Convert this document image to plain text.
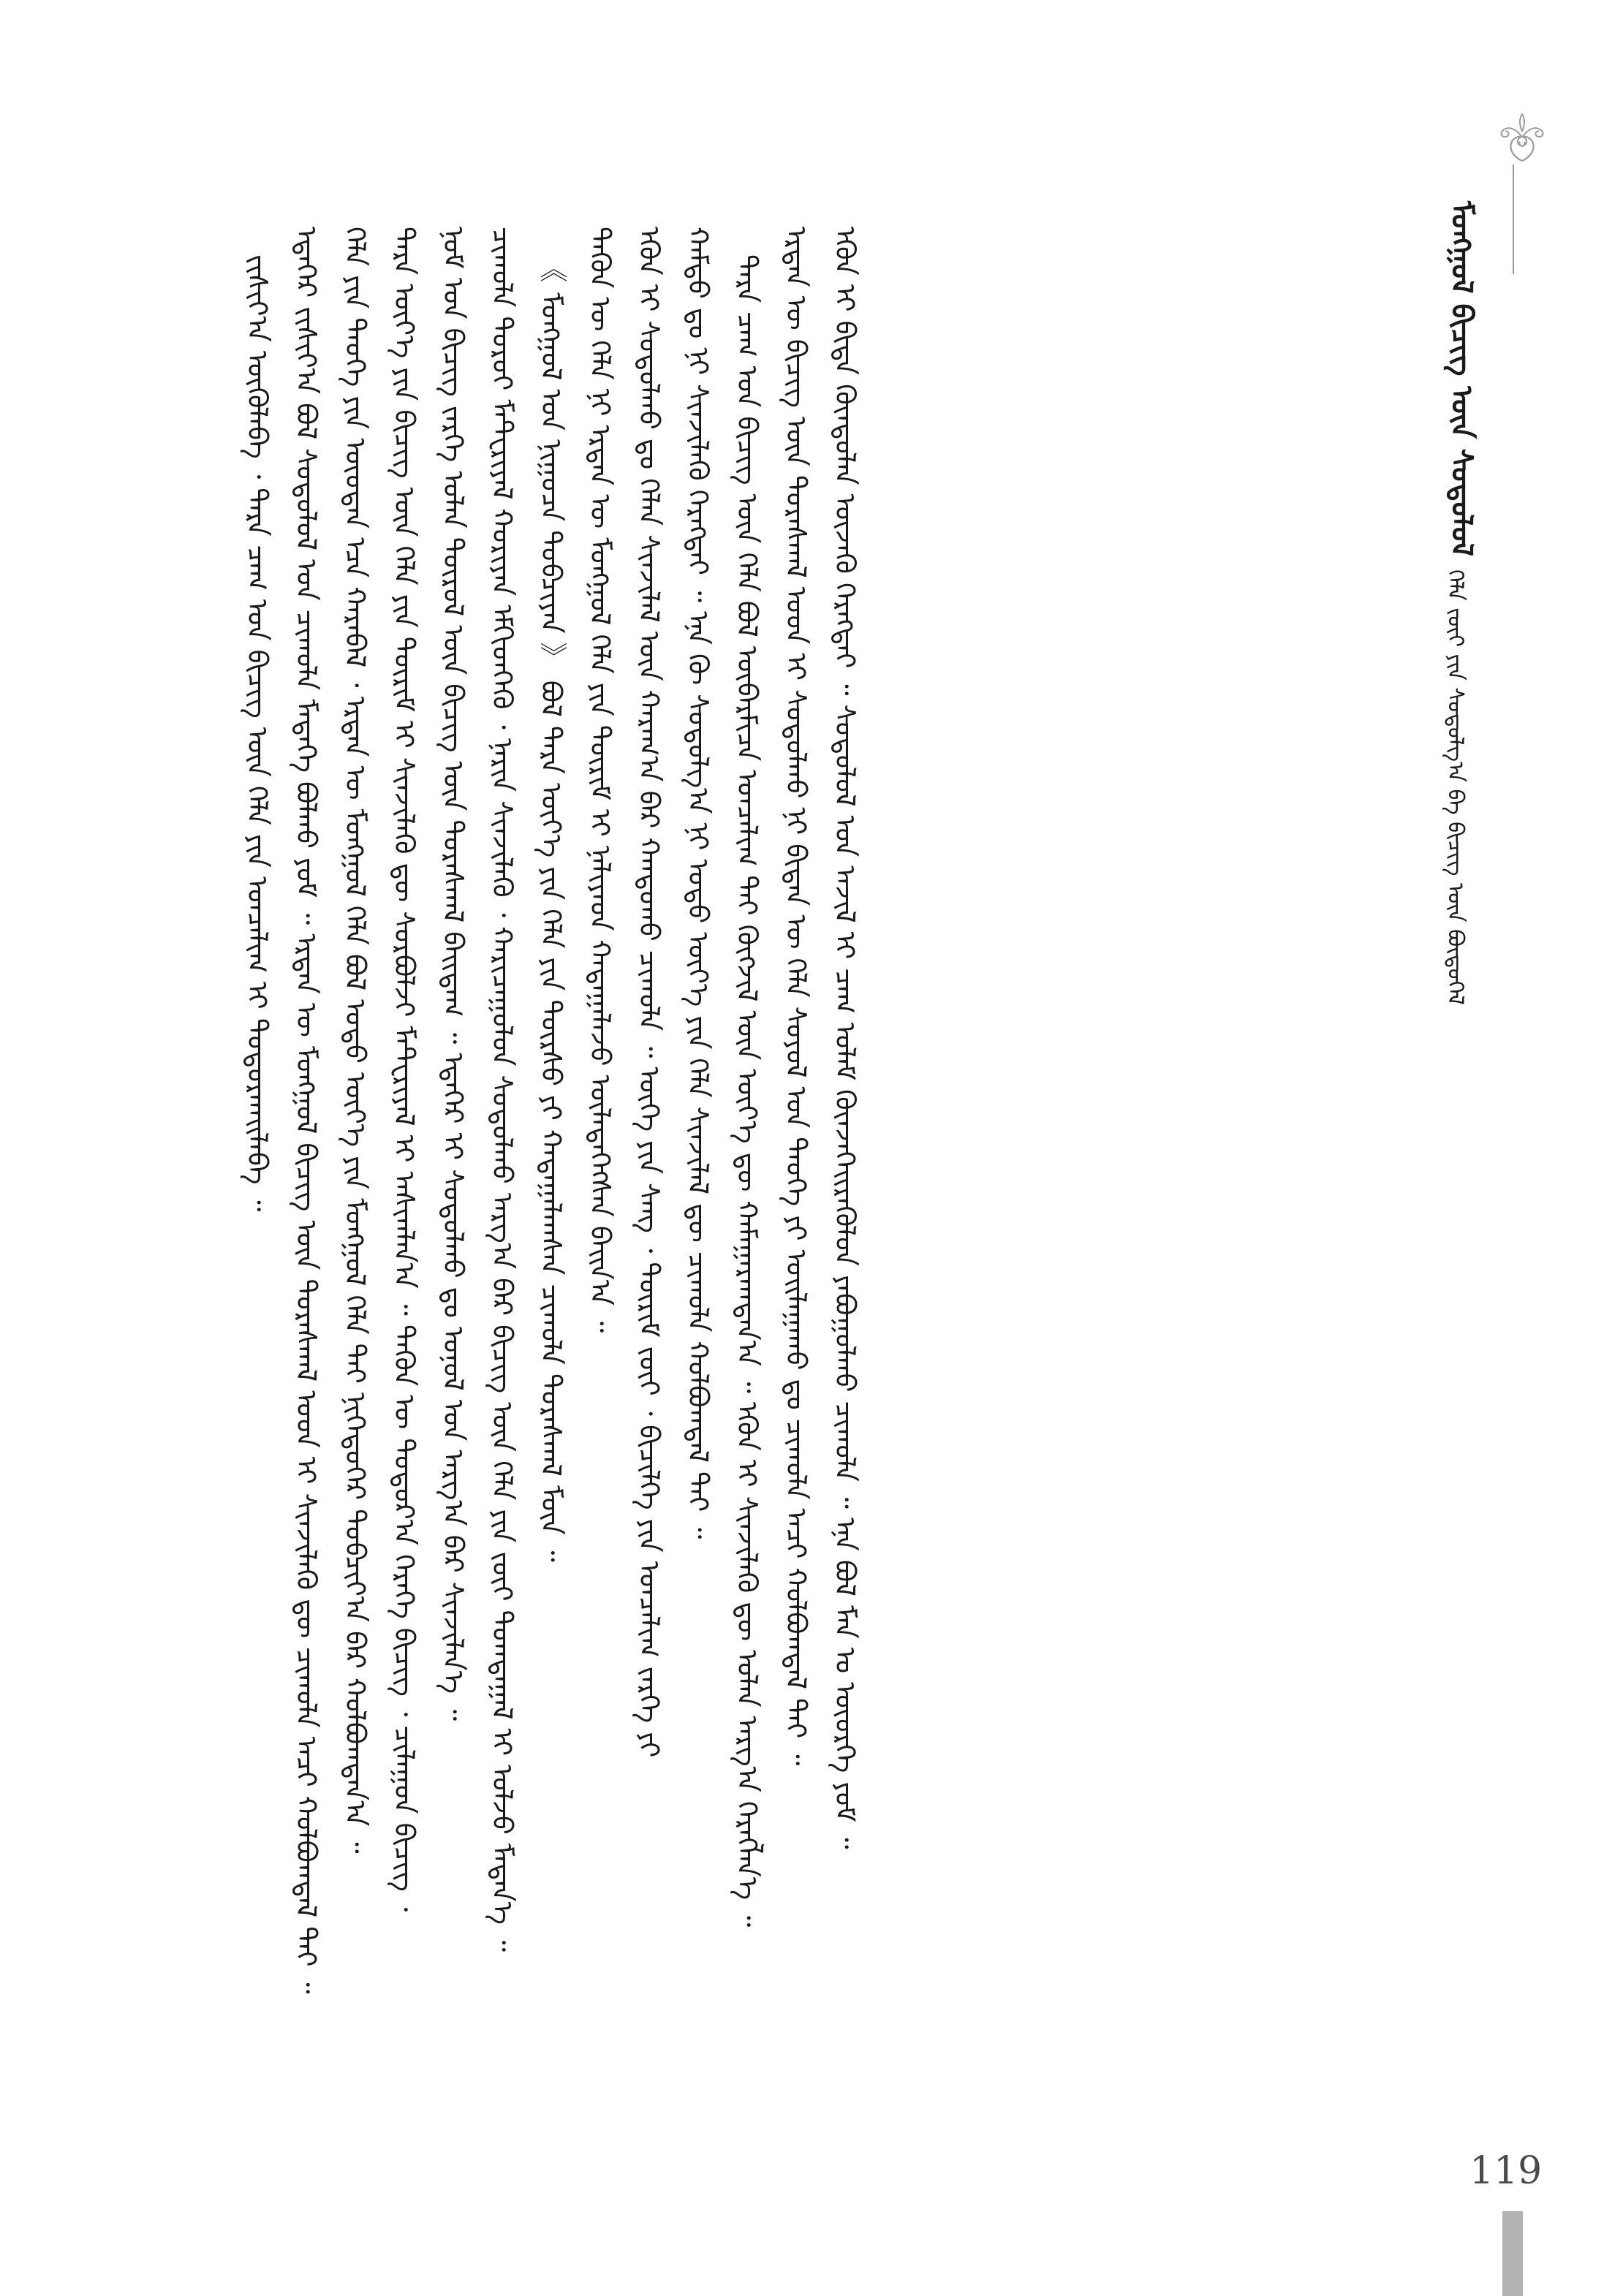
ᠮᠣᠩᠭᠣᠯ ᠪᠢᠴᠢᠭ᠌ ᠦᠨ ᠰᠤᠳᠤᠯᠤᠯ
ᠬᠡᠯᠡ ᠵᠦᠢ ᠶᠢᠨ ᠰᠤᠳᠤᠯᠭ᠎ᠠ ᠪᠠ ᠪᠢᠴᠢᠭ᠌ ᠦᠨ ᠪᠦᠲᠦᠭᠡᠯ
ᠵᠢᠱᠢᠶ᠎ᠠ ᠦᠭᠦᠯᠡᠪᠡ ᠂ ᠲᠡᠷᠡ ᠴᠠᠭ ᠤᠨ ᠪᠢᠴᠢᠭ᠌ ᠦᠨ ᠬᠡᠯᠡ ᠶᠢᠨ ᠣᠨᠴᠠᠯᠢᠭ ᠢ ᠲᠣᠳᠣᠷᠬᠠᠢᠯᠠᠪᠠ ᠃ ᠡᠳᠡᠭᠡᠷ ᠵᠢᠱᠢᠶ᠎ᠠ ᠪᠣᠯ ᠰᠤᠳᠤᠯᠤᠯ ᠤᠨ ᠴᠢᠬᠤᠯᠠ ᠮᠡᠳᠡᠭᠡ ᠪᠣᠯᠬᠤ ᠶᠤᠮ ᠃ ᠡᠷᠲᠡᠨ ᠦ ᠮᠣᠩᠭᠣᠯ ᠪᠢᠴᠢᠭ᠌ ᠦᠨ ᠳᠤᠷᠠᠰᠬᠠᠯ ᠤᠳ ᠢ ᠰᠢᠨᠵᠢᠯᠡᠬᠦ ᠳᠦ ᠴᠢᠬᠤᠯᠠ ᠠᠴᠢ ᠬᠣᠯᠪᠣᠭᠳᠠᠯ ᠲᠠᠢ ᠃ ᠬᠡᠯᠡ ᠶᠢᠨ ᠲᠡᠦᠬᠡ ᠶᠢᠨ ᠦᠦᠳᠡᠨ ᠡᠴᠡ ᠬᠠᠷᠠᠪᠠᠯ ᠂ ᠡᠷᠲᠡᠨ ᠦ ᠮᠣᠩᠭᠣᠯ ᠬᠡᠯᠡ ᠪᠣᠯ ᠣᠳᠣ ᠦᠶ᠎ᠡ ᠶᠢᠨ ᠮᠣᠩᠭᠣᠯ ᠬᠡᠯᠡ ᠲᠡᠢ ᠨᠢᠭᠡᠳᠦᠭᠡᠷ ᠲᠣᠪᠴᠢᠶ᠎ᠠ ᠪᠠᠷ ᠬᠣᠯᠪᠣᠭᠳᠠᠨ᠎ᠠ ᠃ ᠲᠡᠷᠡ ᠦᠶ᠎ᠡ ᠶᠢᠨ ᠪᠢᠴᠢᠭ᠌ ᠦᠨ ᠬᠡᠯᠡ ᠶᠢᠨ ᠳᠦᠷᠢᠮ ᠢ ᠰᠢᠨᠵᠢᠯᠡᠬᠦ ᠳᠦ ᠰᠤᠷᠪᠤᠯᠵᠢ ᠮᠠᠲᠧᠷᠢᠶᠠᠯ ᠢ ᠠᠰᠢᠭᠯᠠᠨ᠎ᠠ ᠃ ᠲᠡᠭᠦᠨ ᠦ ᠳᠣᠲᠣᠷ᠎ᠠ ᠭᠡᠷᠡᠭᠡ ᠪᠢᠴᠢᠭ᠌ ᠂ ᠴᠢᠯᠠᠭᠤᠨ ᠪᠢᠴᠢᠭ᠌ ᠂ ᠨᠣᠮ ᠤᠨ ᠪᠢᠴᠢᠭ᠌ ᠵᠡᠷᠭᠡ ᠣᠯᠠᠨ ᠲᠥᠷᠦᠯ ᠦᠨ ᠪᠢᠴᠢᠭ᠌ ᠦᠨ ᠳᠤᠷᠠᠰᠬᠠᠯ ᠪᠠᠢᠳᠠᠭ ᠃ ᠡᠳᠡᠭᠡᠷ ᠢ ᠰᠣᠳᠣᠯᠬᠤ ᠳᠤ ᠣᠨᠣᠯ ᠤᠨ ᠠᠷᠭ᠎ᠠ ᠪᠠᠷ ᠰᠢᠨᠵᠢᠯᠡᠨ᠎ᠡ ᠃ ᠴᠢᠬᠤᠯᠠ ᠳᠣᠷᠤᠢ ᠮᠠᠲᠧᠷᠢᠶᠠᠯ ᠬᠣᠷᠢᠶᠠᠨ ᠡᠮᠬᠢᠳᠬᠡᠬᠦ ᠂ ᠨᠠᠷᠢᠨ ᠰᠢᠨᠵᠢᠯᠡᠬᠦ ᠂ ᠬᠠᠷᠢᠴᠠᠭᠤᠯᠤᠨ ᠰᠤᠳᠤᠯᠬᠤ ᠠᠷᠭ᠎ᠠ ᠪᠠᠷ ᠪᠢᠴᠢᠭ᠌ ᠦᠨ ᠬᠡᠯᠡ ᠶᠢᠨ ᠵᠦᠢ ᠲᠣᠭᠲᠠᠭᠠᠯ ᠢ ᠣᠯᠵᠤ ᠮᠡᠳᠡᠨ᠎ᠡ ᠃ 《 ᠮᠣᠩᠭᠣᠯ ᠤᠨ ᠨᠢᠭᠤᠴᠠ ᠲᠣᠪᠴᠢᠶᠠᠨ 》 ᠪᠣᠯ ᠲᠡᠷᠡ ᠦᠶ᠎ᠡ ᠶᠢᠨ ᠬᠡᠯᠡ ᠶᠢᠨ ᠳᠦᠷᠰᠦ ᠶᠢ ᠬᠠᠳᠠᠭᠠᠯᠠᠭᠰᠠᠨ ᠴᠢᠬᠤᠯᠠ ᠳᠤᠷᠠᠰᠬᠠᠯ ᠮᠥᠨ ᠃ ᠲᠡᠭᠦᠨ ᠦ ᠬᠡᠯᠡ ᠨᠢ ᠡᠷᠲᠡᠨ ᠦ ᠮᠣᠩᠭᠣᠯ ᠬᠡᠯᠡ ᠶᠢᠨ ᠳᠦᠷᠢᠮ ᠢ ᠨᠡᠯᠢᠶᠡᠳ ᠬᠠᠳᠠᠭᠠᠯᠠᠵᠤ ᠦᠯᠡᠳᠡᠭᠡᠭᠰᠡᠨ ᠪᠠᠢᠨ᠎ᠠ ᠃ ᠡᠭᠦᠨ ᠢ ᠰᠤᠳᠤᠯᠬᠤ ᠳᠤ ᠬᠡᠯᠡᠨ ᠰᠢᠨᠵᠢᠯᠡᠯ ᠦᠨ ᠬᠠᠷᠠᠭ᠎ᠠ ᠪᠠᠷ ᠬᠠᠨᠳᠤᠬᠤ ᠴᠢᠬᠤᠯᠠ ᠃ ᠦᠭᠡ ᠶᠢᠨ ᠰᠠᠩ ᠂ ᠳᠦᠷᠢᠮ ᠵᠦᠢ ᠂ ᠪᠢᠴᠢᠯᠭᠡ ᠶᠢᠨ ᠣᠨᠴᠠᠯᠢᠭ ᠵᠡᠷᠭᠡ ᠶᠢ ᠬᠠᠮᠲᠤ ᠳᠤ ᠨᠢ ᠰᠢᠨᠵᠢᠯᠡᠬᠦ ᠬᠡᠷᠡᠭᠲᠡᠢ ᠃ ᠡᠨᠡ ᠬᠦ ᠰᠤᠳᠤᠯᠭ᠎ᠠ ᠨᠢ ᠣᠳᠣ ᠦᠶ᠎ᠡ ᠶᠢᠨ ᠬᠡᠯᠡ ᠰᠢᠨᠵᠢᠯᠡᠯ ᠳᠦ ᠴᠢᠬᠤᠯᠠ ᠬᠣᠯᠪᠣᠭᠳᠠᠯ ᠲᠠᠢ ᠃ ᠲᠡᠷᠡ ᠴᠠᠭ ᠤᠨ ᠪᠢᠴᠢᠭ᠌ ᠦᠨ ᠬᠡᠯᠡ ᠪᠣᠯ ᠥᠪᠡᠷᠮᠢᠴᠡ ᠣᠨᠴᠠᠯᠢᠭ ᠲᠠᠢ ᠬᠥᠭᠵᠢᠯ ᠦᠨ ᠦᠶ᠎ᠡ ᠳᠦ ᠬᠠᠮᠠᠭᠠᠷᠠᠭᠳᠠᠨ᠎ᠠ ᠃ ᠡᠭᠦᠨ ᠢ ᠰᠢᠨᠵᠢᠯᠡᠬᠦ ᠳᠦ ᠣᠯᠠᠨ ᠠᠷᠭ᠎ᠠ ᠬᠡᠷᠡᠭᠯᠡᠨ᠎ᠡ ᠃ ᠡᠷᠲᠡᠨ ᠦ ᠪᠢᠴᠢᠭ᠌ ᠦᠨ ᠳᠤᠷᠠᠰᠬᠠᠯ ᠤᠳ ᠢ ᠰᠤᠳᠤᠯᠬᠤ ᠨᠢ ᠪᠢᠳᠡᠨ ᠦ ᠬᠡᠯᠡ ᠰᠣᠶᠣᠯ ᠤᠨ ᠲᠡᠦᠬᠡ ᠶᠢ ᠣᠢᠯᠠᠭᠠᠬᠤ ᠳᠤ ᠴᠢᠬᠤᠯᠠ ᠠᠴᠢ ᠬᠣᠯᠪᠣᠭᠳᠠᠯ ᠲᠠᠢ ᠃ ᠡᠭᠦᠨ ᠢ ᠪᠢᠳᠡ ᠬᠦᠨᠳᠦᠯᠡᠨ ᠦᠵᠡᠬᠦ ᠬᠡᠷᠡᠭᠲᠡᠢ ᠃ ᠰᠤᠳᠤᠯᠤᠯ ᠤᠨ ᠠᠵᠢᠯ ᠢ ᠴᠠᠭ ᠤᠯᠠᠮ ᠭᠦᠨᠵᠡᠭᠡᠢᠷᠡᠭᠦᠯᠦᠨ ᠶᠠᠪᠤᠭᠤᠯᠬᠤ ᠴᠢᠬᠤᠯᠠ ᠃ ᠡᠨᠡ ᠪᠣᠯ ᠮᠠᠨ ᠤ ᠦᠦᠷᠭᠡ ᠶᠤᠮ ᠃
119
